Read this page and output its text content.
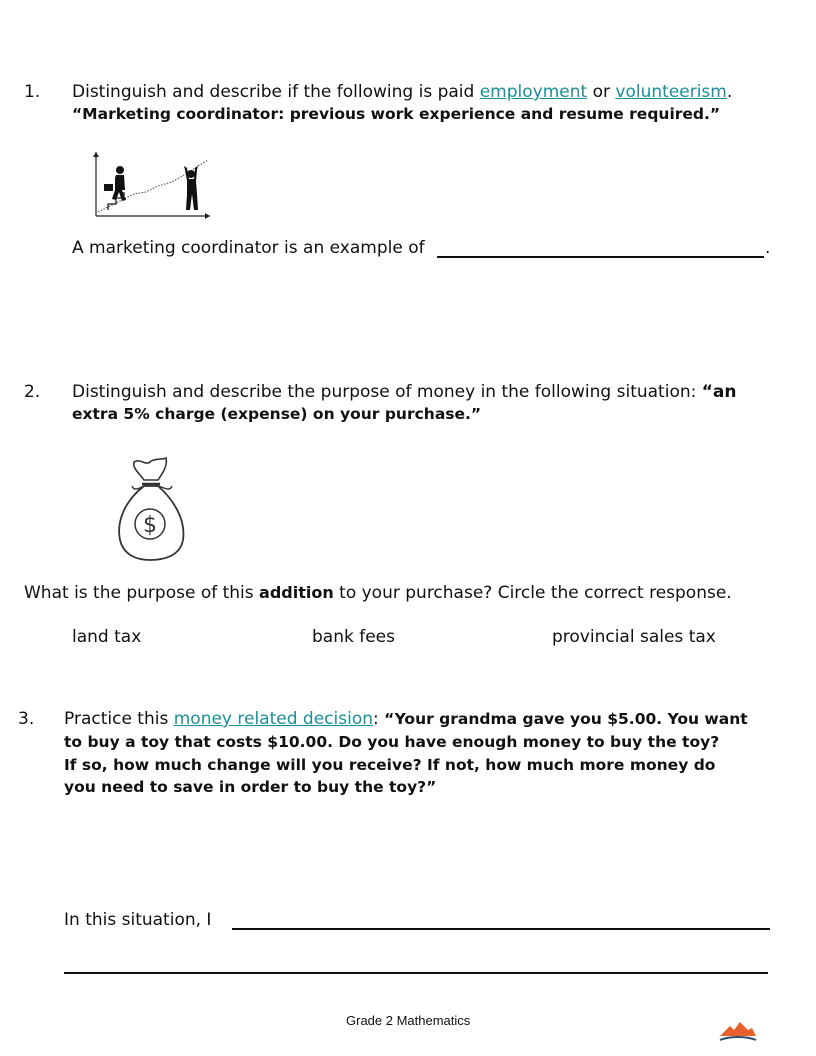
1. Distinguish and describe if the following is paid employment or volunteerism.
“Marketing coordinator: previous work experience and resume required.”
A marketing coordinator is an example of	.
2. Distinguish and describe the purpose of money in the following situation: “an
extra 5% charge (expense) on your purchase.”
$
What is the purpose of this addition to your purchase? Circle the correct response.
land tax	bank fees	provincial sales tax
3. Practice this money related decision: “Your grandma gave you $5.00. You want
to buy a toy that costs $10.00. Do you have enough money to buy the toy?
If so, how much change will you receive? If not, how much more money do
you need to save in order to buy the toy?”
In this situation, I
Grade 2 Mathematics
